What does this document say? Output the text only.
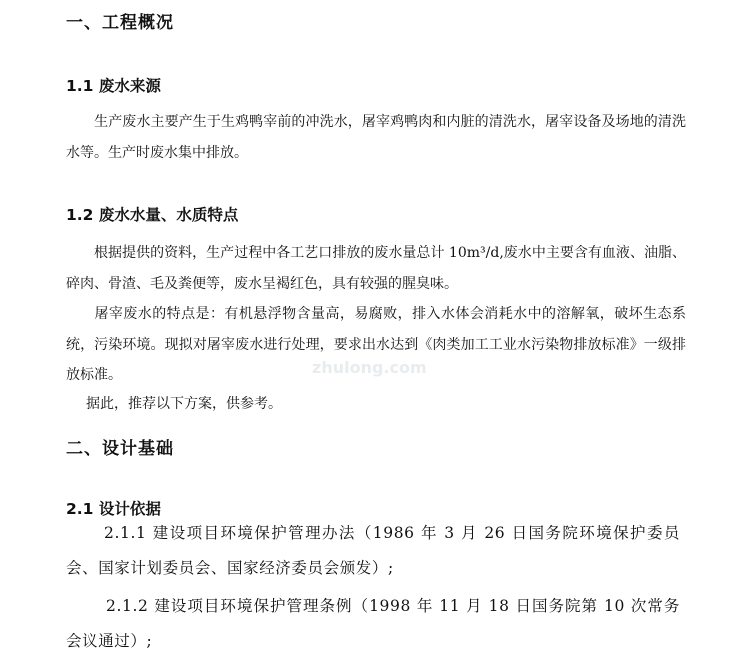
一、工程概况
1.1 废水来源
生产废水主要产生于生鸡鸭宰前的冲洗水，屠宰鸡鸭肉和内脏的清洗水，屠宰设备及场地的清洗水等。生产时废水集中排放。
1.2 废水水量、水质特点
根据提供的资料，生产过程中各工艺口排放的废水量总计 10m³/d,废水中主要含有血液、油脂、碎肉、骨渣、毛及粪便等，废水呈褐红色，具有较强的腥臭味。
屠宰废水的特点是：有机悬浮物含量高，易腐败，排入水体会消耗水中的溶解氧，破坏生态系统，污染环境。现拟对屠宰废水进行处理，要求出水达到《肉类加工工业水污染物排放标准》一级排放标准。
据此，推荐以下方案，供参考。
二、设计基础
2.1 设计依据
2.1.1 建设项目环境保护管理办法（1986 年 3 月 26 日国务院环境保护委员会、国家计划委员会、国家经济委员会颁发）;
2.1.2 建设项目环境保护管理条例（1998 年 11 月 18 日国务院第 10 次常务会议通过）;
zhulong.com
